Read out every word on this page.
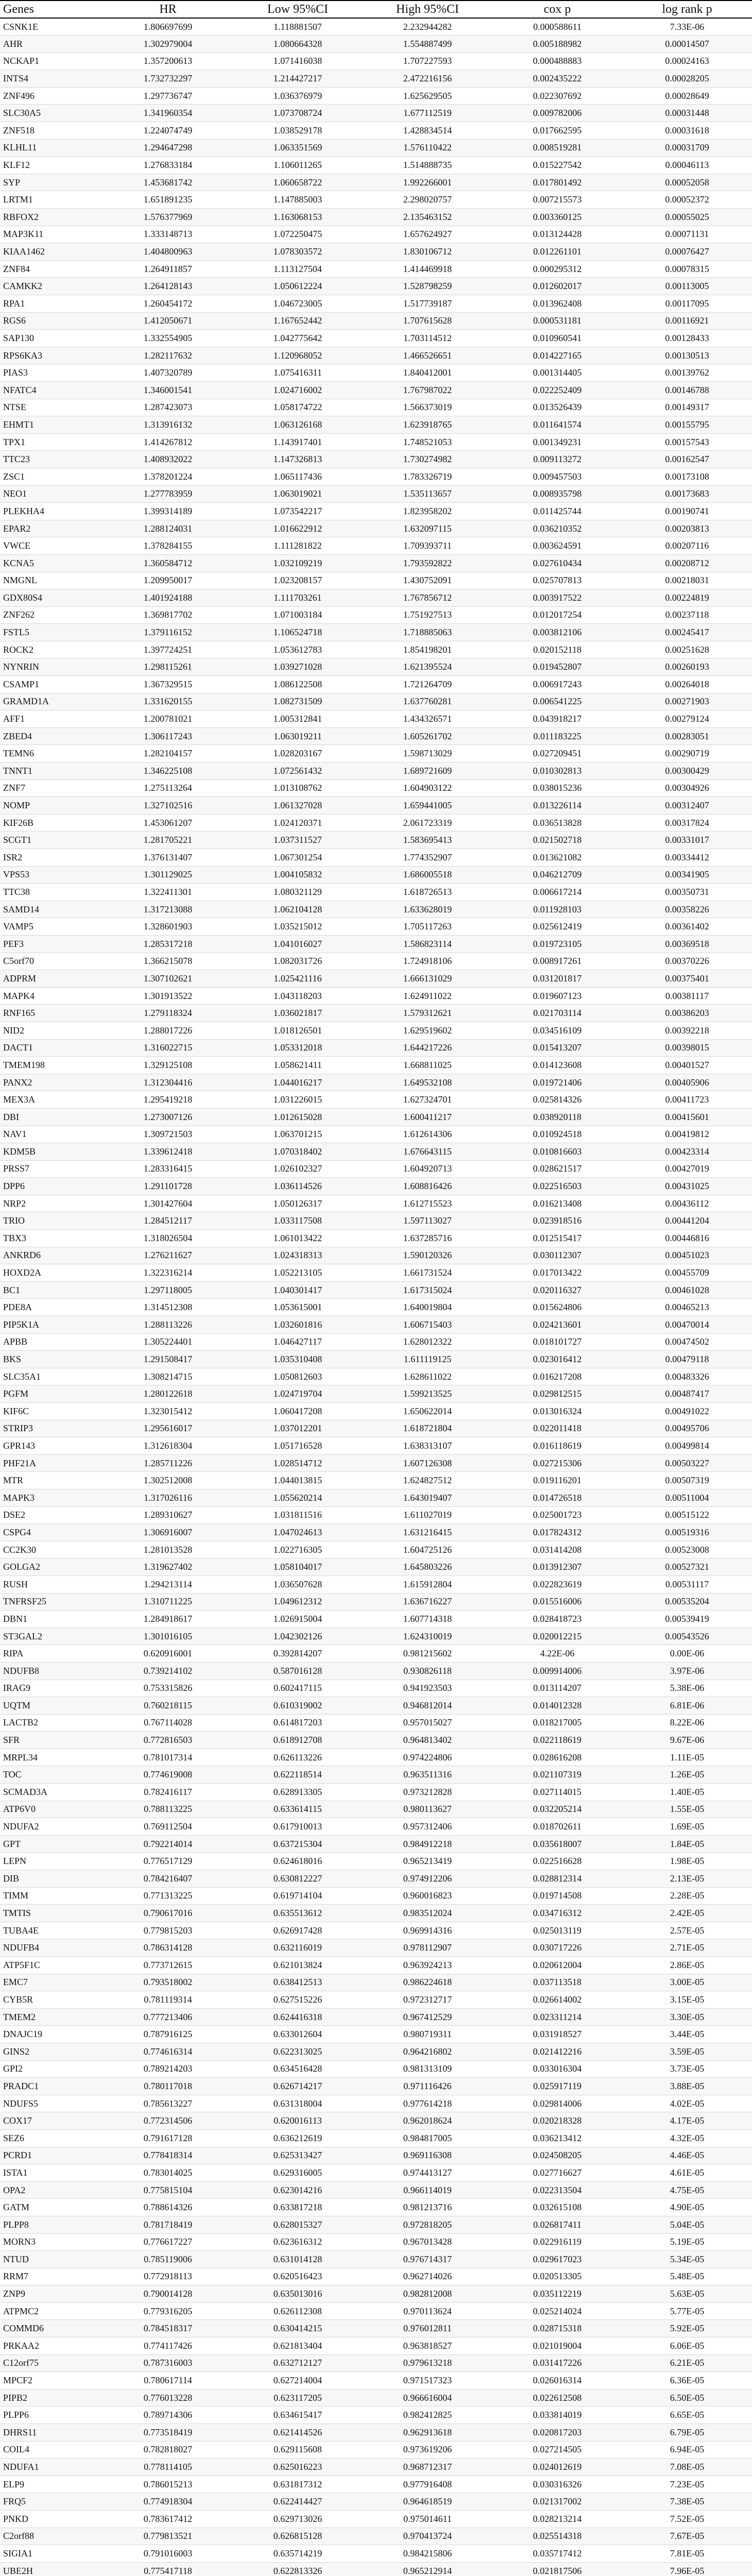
Genes	HR	Low 95%CI	High 95%CI	cox p	log rank p
CSNK1E	1.806697699	1.118881507	2.232944282	0.000588611	7.33E-06
AHR	1.302979004	1.080664328	1.554887499	0.005188982	0.00014507
NCKAP1	1.357200613	1.071416038	1.707227593	0.000488883	0.00024163
INTS4	1.732732297	1.214427217	2.472216156	0.002435222	0.00028205
ZNF496	1.297736747	1.036376979	1.625629505	0.022307692	0.00028649
SLC30A5	1.341960354	1.073708724	1.677112519	0.009782006	0.00031448
ZNF518	1.224074749	1.038529178	1.428834514	0.017662595	0.00031618
KLHL11	1.294647298	1.063351569	1.576110422	0.008519281	0.00031709
KLF12	1.276833184	1.106011265	1.514888735	0.015227542	0.00046113
SYP	1.453681742	1.060658722	1.992266001	0.017801492	0.00052058
LRTM1	1.651891235	1.147885003	2.298020757	0.007215573	0.00052372
RBFOX2	1.576377969	1.163068153	2.135463152	0.003360125	0.00055025
MAP3K11	1.333148713	1.072250475	1.657624927	0.013124428	0.00071131
KIAA1462	1.404800963	1.078303572	1.830106712	0.012261101	0.00076427
ZNF84	1.264911857	1.113127504	1.414469918	0.000295312	0.00078315
CAMKK2	1.264128143	1.050612224	1.528798259	0.012602017	0.00113005
RPA1	1.260454172	1.046723005	1.517739187	0.013962408	0.00117095
RGS6	1.412050671	1.167652442	1.707615628	0.000531181	0.00116921
SAP130	1.332554905	1.042775642	1.703114512	0.010960541	0.00128433
RPS6KA3	1.282117632	1.120968052	1.466526651	0.014227165	0.00130513
PIAS3	1.407320789	1.075416311	1.840412001	0.001314405	0.00139762
NFATC4	1.346001541	1.024716002	1.767987022	0.022252409	0.00146788
NTSE	1.287423073	1.058174722	1.566373019	0.013526439	0.00149317
EHMT1	1.313916132	1.063126168	1.623918765	0.011641574	0.00155795
TPX1	1.414267812	1.143917401	1.748521053	0.001349231	0.00157543
TTC23	1.408932022	1.147326813	1.730274982	0.009113272	0.00162547
ZSC1	1.378201224	1.065117436	1.783326719	0.009457503	0.00173108
NEO1	1.277783959	1.063019021	1.535113657	0.008935798	0.00173683
PLEKHA4	1.399314189	1.073542217	1.823958202	0.011425744	0.00190741
EPAR2	1.288124031	1.016622912	1.632097115	0.036210352	0.00203813
VWCE	1.378284155	1.111281822	1.709393711	0.003624591	0.00207116
KCNA5	1.360584712	1.032109219	1.793592822	0.027610434	0.00208712
NMGNL	1.209950017	1.023208157	1.430752091	0.025707813	0.00218031
GDX80S4	1.401924188	1.111703261	1.767856712	0.003917522	0.00224819
ZNF262	1.369817702	1.071003184	1.751927513	0.012017254	0.00237118
FSTL5	1.379116152	1.106524718	1.718885063	0.003812106	0.00245417
ROCK2	1.397724251	1.053612783	1.854198201	0.020152118	0.00251628
NYNRIN	1.298115261	1.039271028	1.621395524	0.019452807	0.00260193
CSAMP1	1.367329515	1.086122508	1.721264709	0.006917243	0.00264018
GRAMD1A	1.331620155	1.082731509	1.637760281	0.006541225	0.00271903
AFF1	1.200781021	1.005312841	1.434326571	0.043918217	0.00279124
ZBED4	1.306117243	1.063019211	1.605261702	0.011183225	0.00283051
TEMN6	1.282104157	1.028203167	1.598713029	0.027209451	0.00290719
TNNT1	1.346225108	1.072561432	1.689721609	0.010302813	0.00300429
ZNF7	1.275113264	1.013108762	1.604903122	0.038015236	0.00304926
NOMP	1.327102516	1.061327028	1.659441005	0.013226114	0.00312407
KIF26B	1.453061207	1.024120371	2.061723319	0.036513828	0.00317824
SCGT1	1.281705221	1.037311527	1.583695413	0.021502718	0.00331017
ISR2	1.376131407	1.067301254	1.774352907	0.013621082	0.00334412
VPS53	1.301129025	1.004105832	1.686005518	0.046212709	0.00341905
TTC38	1.322411301	1.080321129	1.618726513	0.006617214	0.00350731
SAMD14	1.317213088	1.062104128	1.633628019	0.011928103	0.00358226
VAMP5	1.328601903	1.035215012	1.705117263	0.025612419	0.00361402
PEF3	1.285317218	1.041016027	1.586823114	0.019723105	0.00369518
C5orf70	1.366215078	1.082031726	1.724918106	0.008917261	0.00370226
ADPRM	1.307102621	1.025421116	1.666131029	0.031201817	0.00375401
MAPK4	1.301913522	1.043118203	1.624911022	0.019607123	0.00381117
RNF165	1.279118324	1.036021817	1.579312621	0.021703114	0.00386203
NID2	1.288017226	1.018126501	1.629519602	0.034516109	0.00392218
DACT1	1.316022715	1.053312018	1.644217226	0.015413207	0.00398015
TMEM198	1.329125108	1.058621411	1.668811025	0.014123608	0.00401527
PANX2	1.312304416	1.044016217	1.649532108	0.019721406	0.00405906
MEX3A	1.295419218	1.031226015	1.627324701	0.025814326	0.00411723
DBI	1.273007126	1.012615028	1.600411217	0.038920118	0.00415601
NAV1	1.309721503	1.063701215	1.612614306	0.010924518	0.00419812
KDM5B	1.339612418	1.070318402	1.676643115	0.010816603	0.00423314
PRSS7	1.283316415	1.026102327	1.604920713	0.028621517	0.00427019
DPP6	1.291101728	1.036114526	1.608816426	0.022516503	0.00431025
NRP2	1.301427604	1.050126317	1.612715523	0.016213408	0.00436112
TRIO	1.284512117	1.033117508	1.597113027	0.023918516	0.00441204
TBX3	1.318026504	1.061013422	1.637285716	0.012515417	0.00446816
ANKRD6	1.276211627	1.024318313	1.590120326	0.030112307	0.00451023
HOXD2A	1.322316214	1.052213105	1.661731524	0.017013422	0.00455709
BC1	1.297118005	1.040301417	1.617315024	0.020116327	0.00461028
PDE8A	1.314512308	1.053615001	1.640019804	0.015624806	0.00465213
PIP5K1A	1.288113226	1.032601816	1.606715403	0.024213601	0.00470014
APBB	1.305224401	1.046427117	1.628012322	0.018101727	0.00474502
BKS	1.291508417	1.035310408	1.611119125	0.023016412	0.00479118
SLC35A1	1.308214715	1.050812603	1.628611022	0.016217208	0.00483326
PGFM	1.280122618	1.024719704	1.599213525	0.029812515	0.00487417
KIF6C	1.323015412	1.060417208	1.650622014	0.013016324	0.00491022
STRIP3	1.295616017	1.037012201	1.618721804	0.022011418	0.00495706
GPR143	1.312618304	1.051716528	1.638313107	0.016118619	0.00499814
PHF21A	1.285711226	1.028514712	1.607126308	0.027215306	0.00503227
MTR	1.302512008	1.044013815	1.624827512	0.019116201	0.00507319
MAPK3	1.317026116	1.055620214	1.643019407	0.014726518	0.00511004
DSE2	1.289310627	1.031811516	1.611027019	0.025001723	0.00515122
CSPG4	1.306916007	1.047024613	1.631216415	0.017824312	0.00519316
CC2K30	1.281013528	1.022716305	1.604725126	0.031414208	0.00523008
GOLGA2	1.319627402	1.058104017	1.645803226	0.013912307	0.00527321
RUSH	1.294213114	1.036507628	1.615912804	0.022823619	0.00531117
TNFRSF25	1.310711225	1.049612312	1.636716227	0.015516006	0.00535204
DBN1	1.284918617	1.026915004	1.607714318	0.028418723	0.00539419
ST3GAL2	1.301016105	1.042302126	1.624310019	0.020012215	0.00543526
RIPA	0.620916001	0.392814207	0.981215602	4.22E-06	0.00E-06
NDUFB8	0.739214102	0.587016128	0.930826118	0.009914006	3.97E-06
IRAG9	0.753315826	0.602417115	0.941923503	0.013114207	5.38E-06
UQTM	0.760218115	0.610319002	0.946812014	0.014012328	6.81E-06
LACTB2	0.767114028	0.614817203	0.957015027	0.018217005	8.22E-06
SFR	0.772816503	0.618912708	0.964813402	0.022118619	9.67E-06
MRPL34	0.781017314	0.626113226	0.974224806	0.028616208	1.11E-05
TOC	0.774619008	0.622118514	0.963511316	0.021107319	1.26E-05
SCMAD3A	0.782416117	0.628913305	0.973212828	0.027114015	1.40E-05
ATP6V0	0.788113225	0.633614115	0.980113627	0.032205214	1.55E-05
NDUFA2	0.769112504	0.617910013	0.957312406	0.018702611	1.69E-05
GPT	0.792214014	0.637215304	0.984912218	0.035618007	1.84E-05
LEPN	0.776517129	0.624618016	0.965213419	0.022516628	1.98E-05
DIB	0.784216407	0.630812227	0.974912206	0.028812314	2.13E-05
TIMM	0.771313225	0.619714104	0.960016823	0.019714508	2.28E-05
TMTIS	0.790617016	0.635513612	0.983512024	0.034716312	2.42E-05
TUBA4E	0.779815203	0.626917428	0.969914316	0.025013119	2.57E-05
NDUFB4	0.786314128	0.632116019	0.978112907	0.030717226	2.71E-05
ATP5F1C	0.773712615	0.621013824	0.963924213	0.020612004	2.86E-05
EMC7	0.793518002	0.638412513	0.986224618	0.037113518	3.00E-05
CYB5R	0.781119314	0.627515226	0.972312717	0.026614002	3.15E-05
TMEM2	0.777213406	0.624416318	0.967412529	0.023311214	3.30E-05
DNAJC19	0.787916125	0.633012604	0.980719311	0.031918527	3.44E-05
GINS2	0.774616314	0.622313025	0.964216802	0.021412216	3.59E-05
GPI2	0.789214203	0.634516428	0.981313109	0.033016304	3.73E-05
PRADC1	0.780117018	0.626714217	0.971116426	0.025917119	3.88E-05
NDUFS5	0.785613227	0.631318004	0.977614218	0.029814006	4.02E-05
COX17	0.772314506	0.620016113	0.962018624	0.020218328	4.17E-05
SEZ6	0.791617128	0.636212619	0.984817005	0.036213412	4.32E-05
PCRD1	0.778418314	0.625313427	0.969116308	0.024508205	4.46E-05
ISTA1	0.783014025	0.629316005	0.974413127	0.027716627	4.61E-05
OPA2	0.775815104	0.623014216	0.966114019	0.022313504	4.75E-05
GATM	0.788614326	0.633817218	0.981213716	0.032615108	4.90E-05
PLPP8	0.781718419	0.628015327	0.972818205	0.026817411	5.04E-05
MORN3	0.776617227	0.623616312	0.967013428	0.022916119	5.19E-05
NTUD	0.785119006	0.631014128	0.976714317	0.029617023	5.34E-05
RRM7	0.772918113	0.620516423	0.962714026	0.020513305	5.48E-05
ZNP9	0.790014128	0.635013016	0.982812008	0.035112219	5.63E-05
ATPMC2	0.779316205	0.626112308	0.970113624	0.025214024	5.77E-05
COMMD6	0.784518317	0.630414215	0.976012811	0.028715318	5.92E-05
PRKAA2	0.774117426	0.621813404	0.963818527	0.021019004	6.06E-05
C12orf75	0.787316003	0.632712127	0.979613218	0.031417226	6.21E-05
MPCF2	0.780617114	0.627214004	0.971517323	0.026016314	6.36E-05
PIPB2	0.776013228	0.623117205	0.966616004	0.022612508	6.50E-05
PLPP6	0.789714306	0.634615417	0.982412825	0.033814019	6.65E-05
DHRS11	0.773518419	0.621414526	0.962913618	0.020817203	6.79E-05
COIL4	0.782818027	0.629115608	0.973619206	0.027214505	6.94E-05
NDUFA1	0.778114105	0.625016223	0.968712317	0.024012619	7.08E-05
ELP9	0.786015213	0.631817312	0.977916408	0.030316326	7.23E-05
FRQ5	0.774918304	0.622414427	0.964618519	0.021317002	7.38E-05
PNKD	0.783617412	0.629713026	0.975014611	0.028213214	7.52E-05
C2orf88	0.779813521	0.626815128	0.970413724	0.025514318	7.67E-05
SIGIA1	0.791016003	0.635714219	0.984215806	0.035717412	7.81E-05
UBE2H	0.775417118	0.622813326	0.965212914	0.021817506	7.96E-05
